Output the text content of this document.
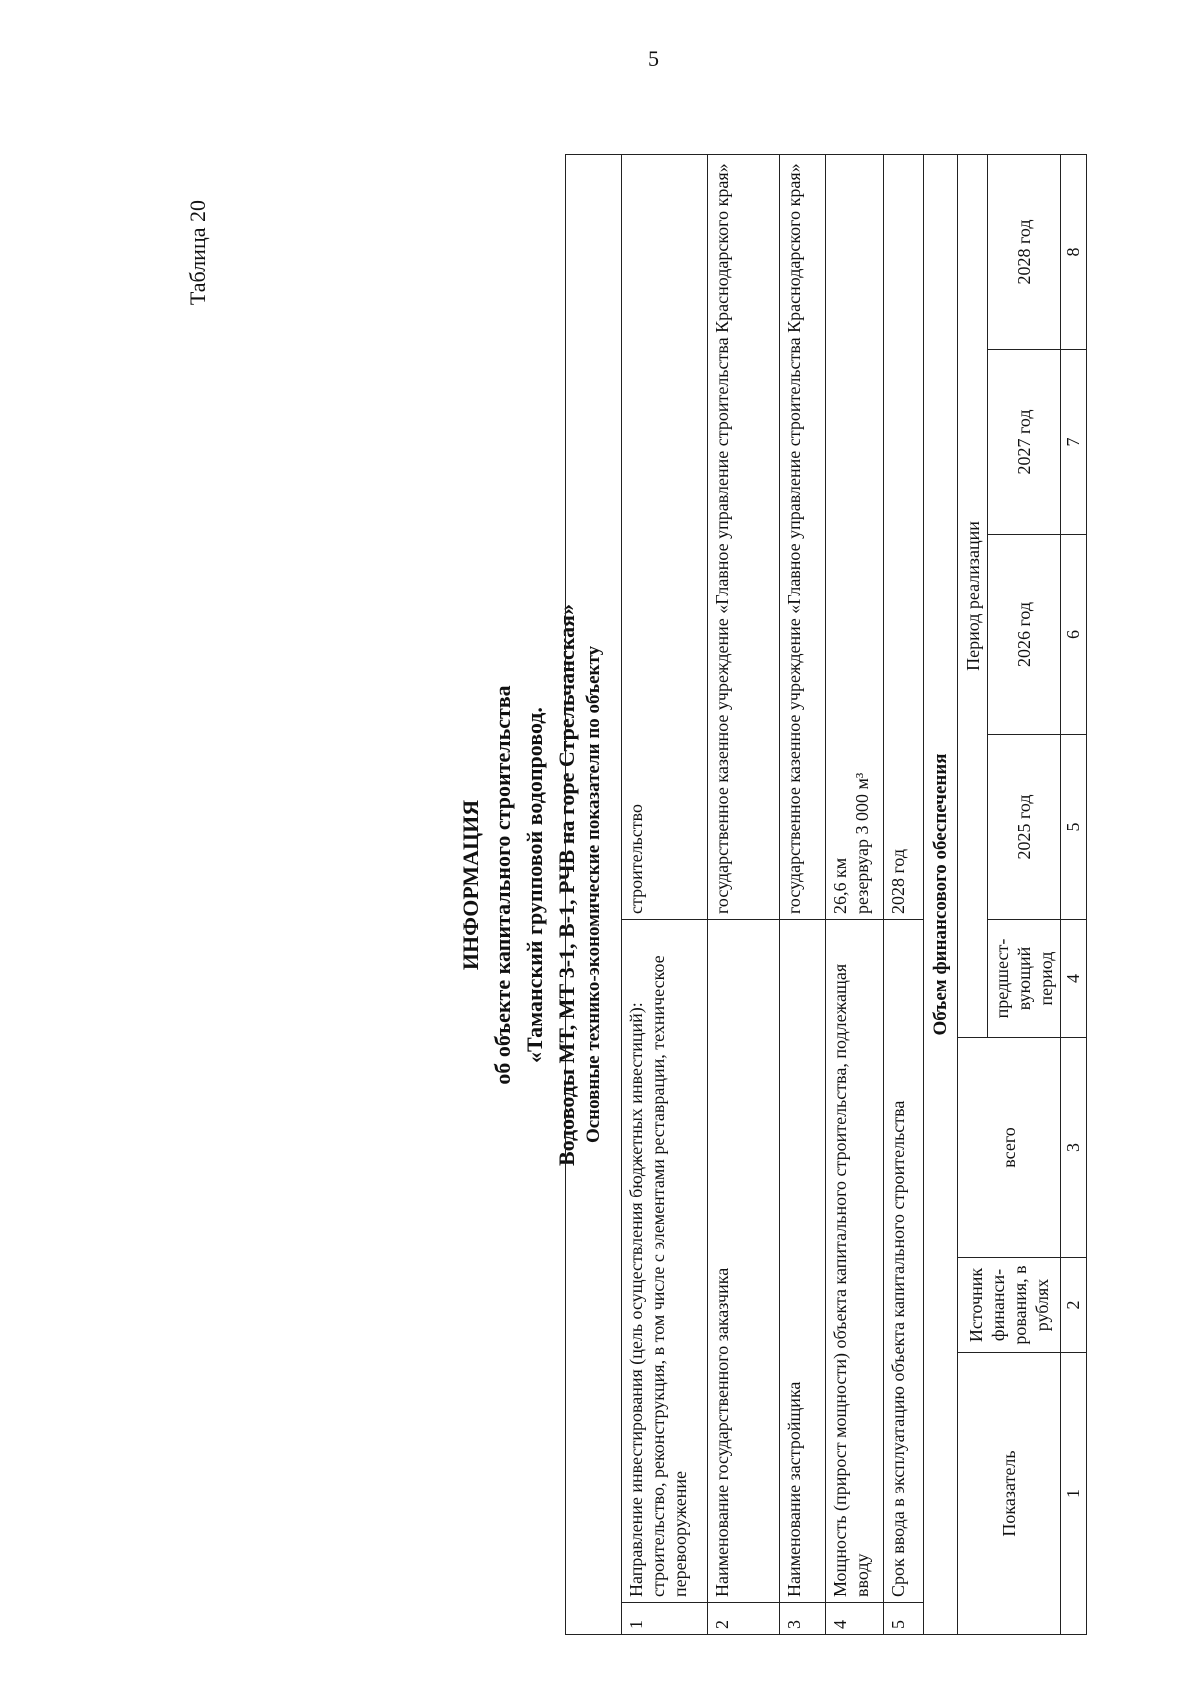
5
Таблица 20
ИНФОРМАЦИЯ об объекте капитального строительства «Таманский групповой водопровод. Водоводы МТ, МТ 3-1, В-1, РЧВ на горе Стрельчанская» Основные технико-экономические показатели по объекту								
1	Направление инвестирования (цель осуществления бюджетных инвестиций): строительство, реконструкция, в том числе с элементами реставрации, техническое перевооружение				строительство			
2	Наименование государственного заказчика				государственное казенное учреждение «Главное управление строительства Краснодарского края»			
3	Наименование застройщика				государственное казенное учреждение «Главное управление строительства Краснодарского края»			
4	Мощность (прирост мощности) объекта капитального строительства, подлежащая вводу				26,6 км резервуар 3 000 м³			

5	Срок ввода в эксплуатацию объекта капитального строительства				2028 год			
Объем финансового обеспечения								
Показатель		Источник финанси-рования, в рублях	всего	Период реализации				
				предшест-вующий период	2025 год	2026 год	2027 год	2028 год
1		2	3	4	5	6	7	8
